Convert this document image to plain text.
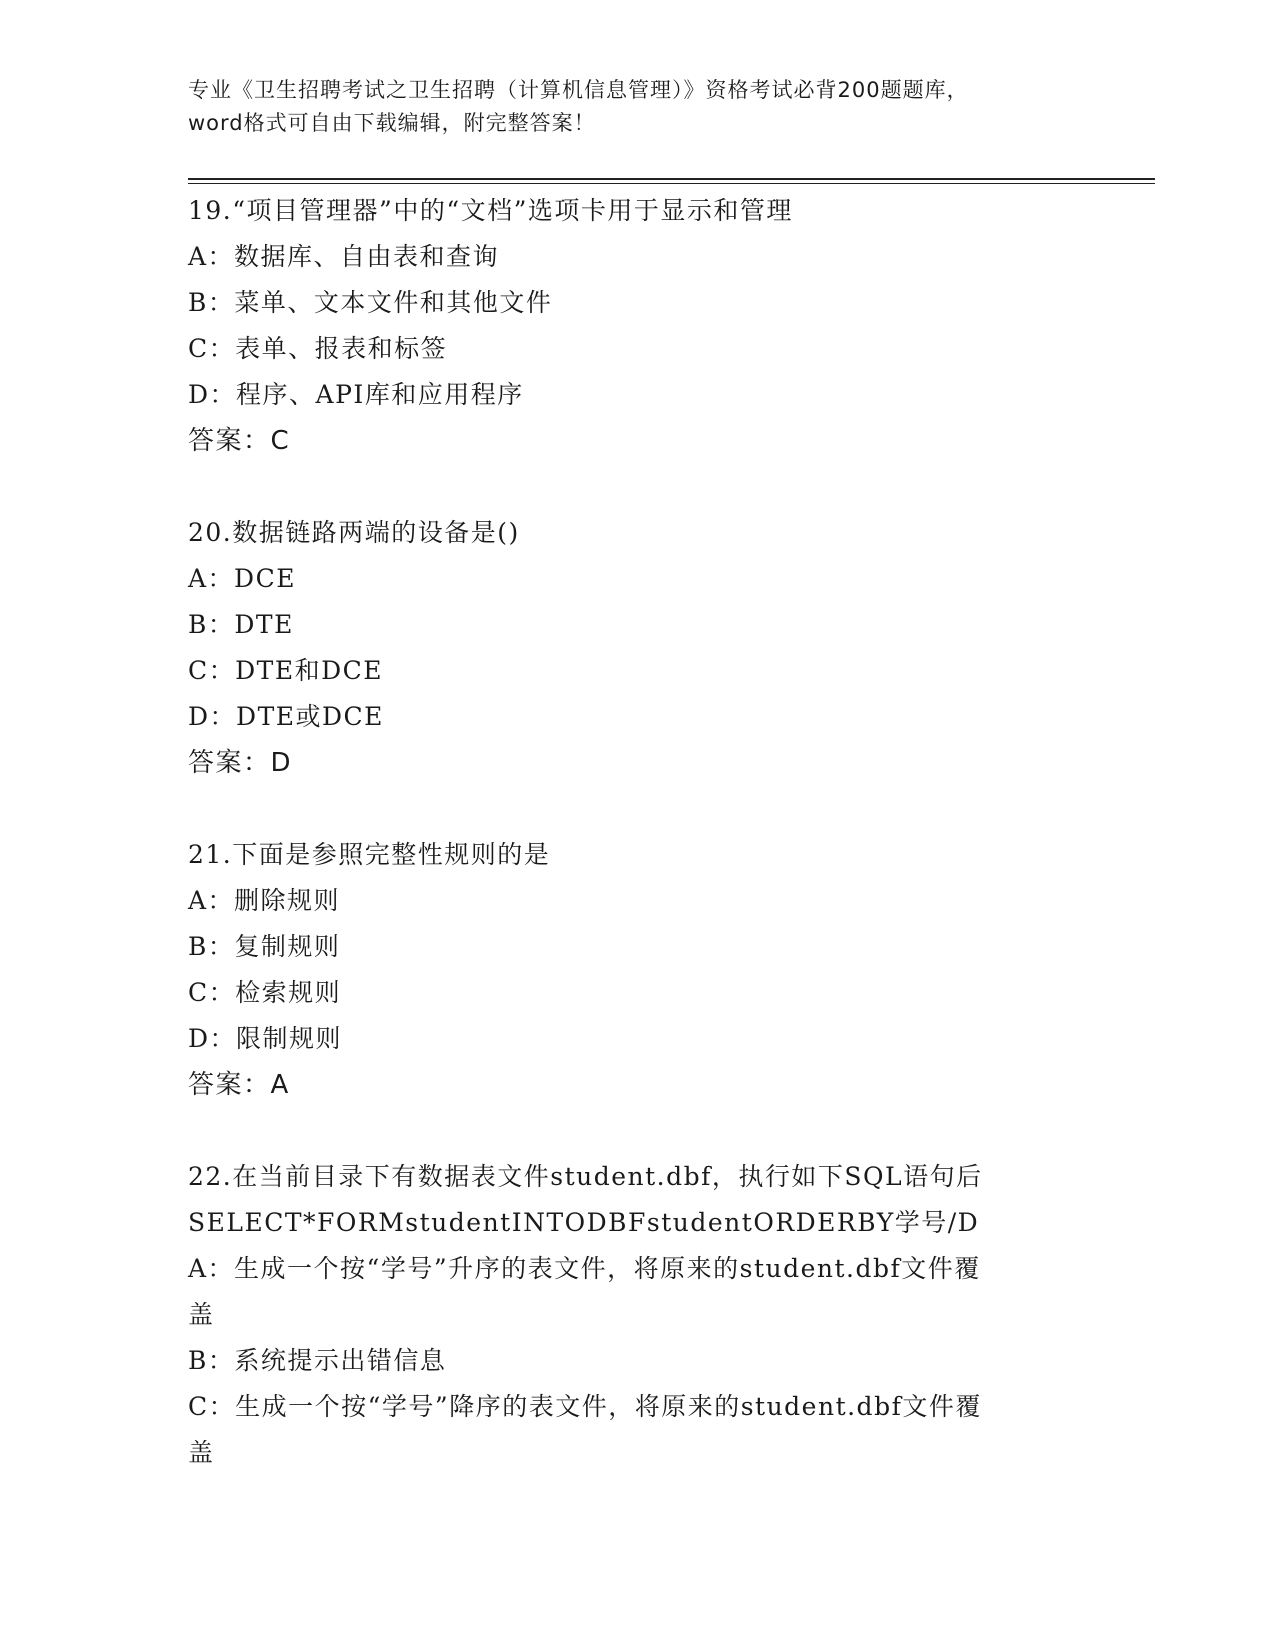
专业《卫生招聘考试之卫生招聘（计算机信息管理）》资格考试必背200题题库，
word格式可自由下载编辑，附完整答案！
19.“项目管理器”中的“文档”选项卡用于显示和管理
A：数据库、自由表和查询
B：菜单、文本文件和其他文件
C：表单、报表和标签
D：程序、API库和应用程序
答案：C
20.数据链路两端的设备是()
A：DCE
B：DTE
C：DTE和DCE
D：DTE或DCE
答案：D
21.下面是参照完整性规则的是
A：删除规则
B：复制规则
C：检索规则
D：限制规则
答案：A
22.在当前目录下有数据表文件student.dbf，执行如下SQL语句后
SELECT*FORMstudentINTODBFstudentORDERBY学号/D
A：生成一个按“学号”升序的表文件，将原来的student.dbf文件覆
盖
B：系统提示出错信息
C：生成一个按“学号”降序的表文件，将原来的student.dbf文件覆
盖
